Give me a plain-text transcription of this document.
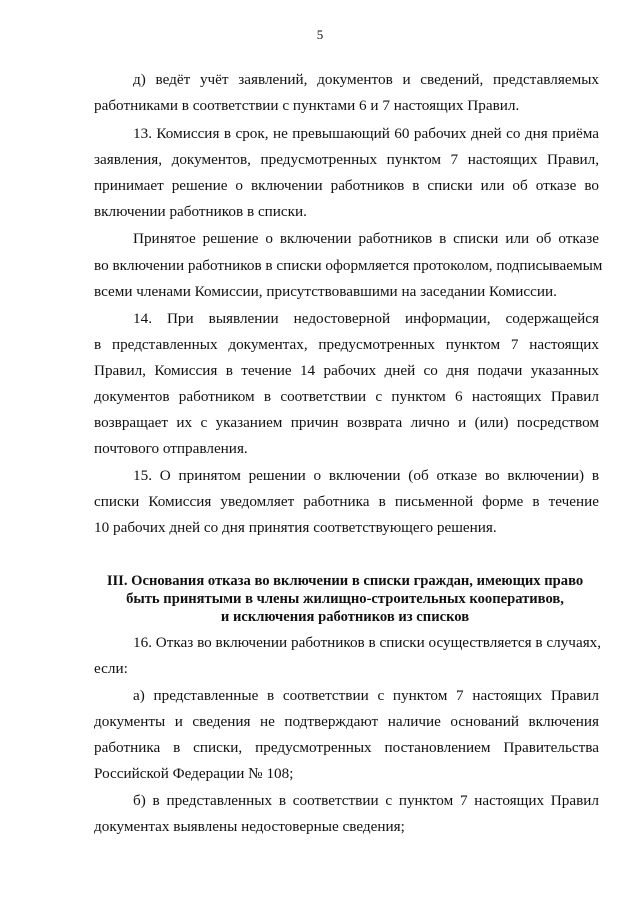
5
д) ведёт учёт заявлений, документов и сведений, представляемых
работниками в соответствии с пунктами 6 и 7 настоящих Правил.
13. Комиссия в срок, не превышающий 60 рабочих дней со дня приёма
заявления, документов, предусмотренных пунктом 7 настоящих Правил,
принимает решение о включении работников в списки или об отказе во
включении работников в списки.
Принятое решение о включении работников в списки или об отказе
во включении работников в списки оформляется протоколом, подписываемым
всеми членами Комиссии, присутствовавшими на заседании Комиссии.
14. При выявлении недостоверной информации, содержащейся
в представленных документах, предусмотренных пунктом 7 настоящих
Правил, Комиссия в течение 14 рабочих дней со дня подачи указанных
документов работником в соответствии с пунктом 6 настоящих Правил
возвращает их с указанием причин возврата лично и (или) посредством
почтового отправления.
15. О принятом решении о включении (об отказе во включении) в
списки Комиссия уведомляет работника в письменной форме в течение
10 рабочих дней со дня принятия соответствующего решения.
III. Основания отказа во включении в списки граждан, имеющих право
быть принятыми в члены жилищно-строительных кооперативов,
и исключения работников из списков
16. Отказ во включении работников в списки осуществляется в случаях,
если:
а) представленные в соответствии с пунктом 7 настоящих Правил
документы и сведения не подтверждают наличие оснований включения
работника в списки, предусмотренных постановлением Правительства
Российской Федерации № 108;
б) в представленных в соответствии с пунктом 7 настоящих Правил
документах выявлены недостоверные сведения;
